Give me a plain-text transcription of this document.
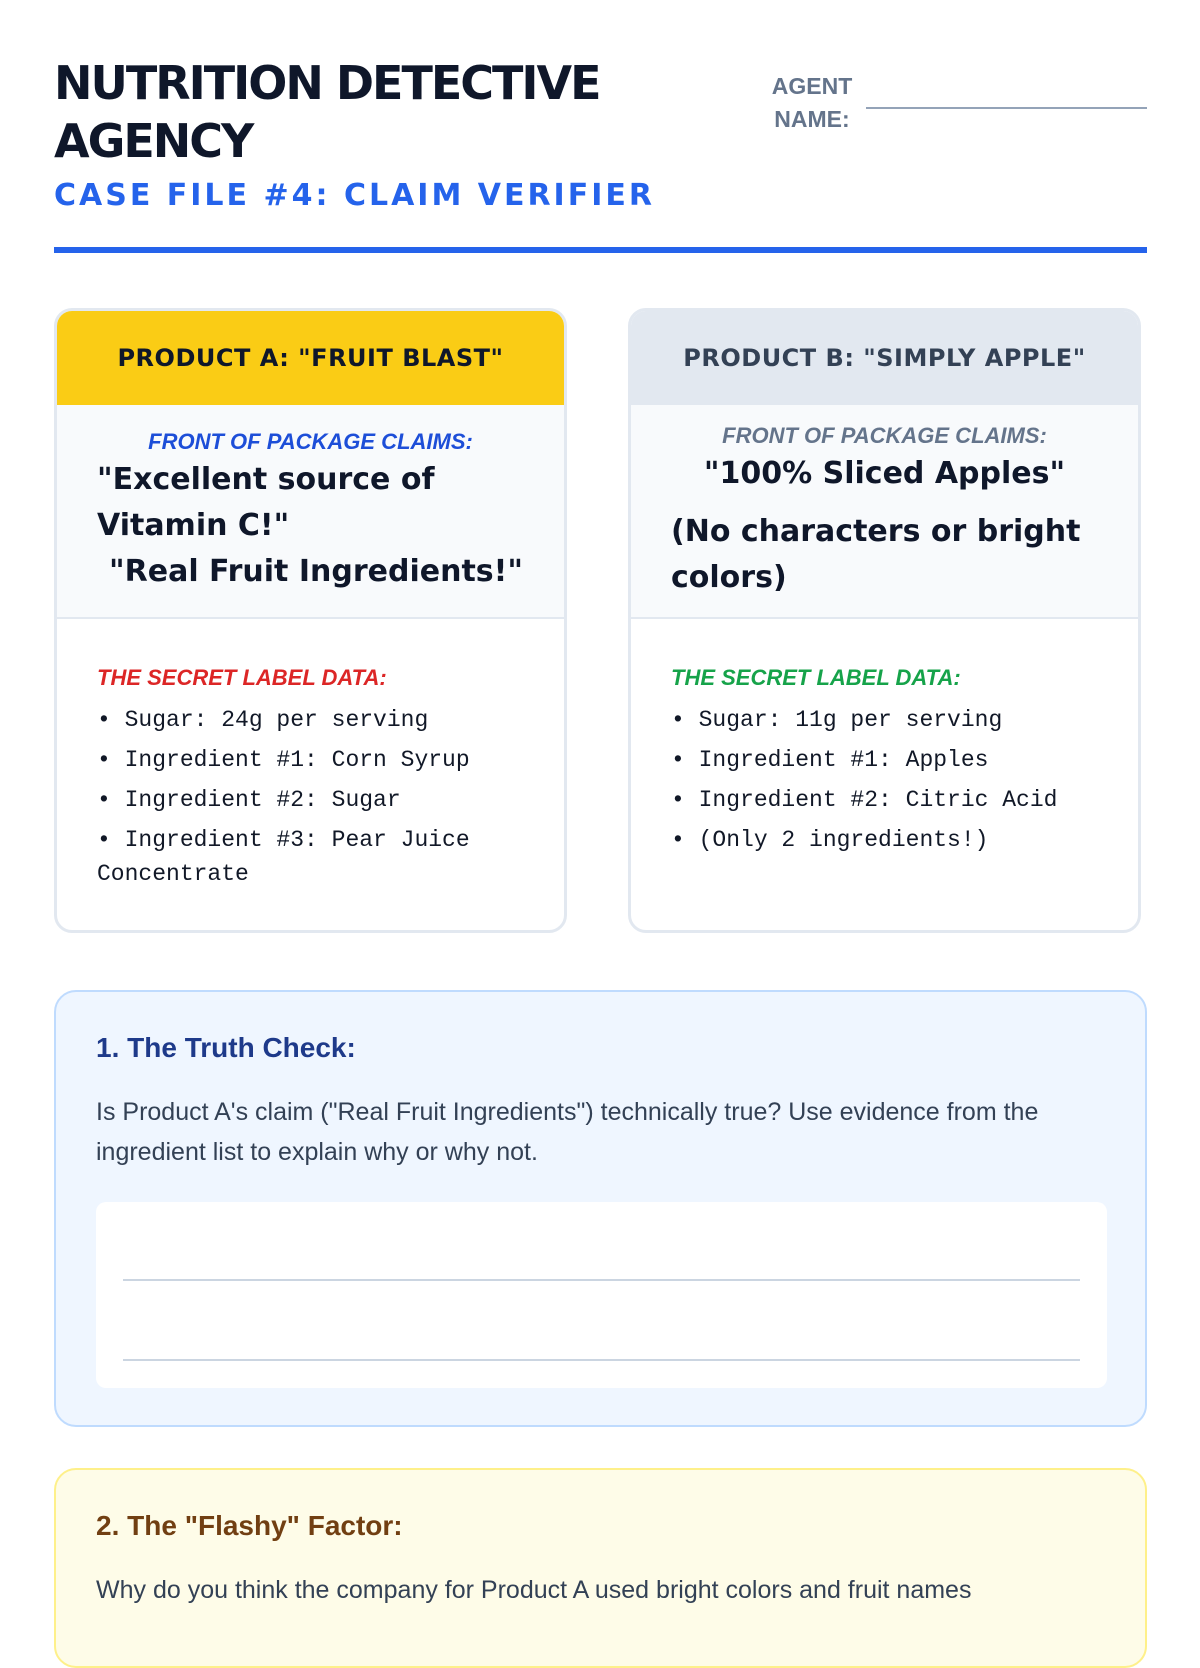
NUTRITION DETECTIVE AGENCY
CASE FILE #4: CLAIM VERIFIER
AGENT NAME:
PRODUCT A: "FRUIT BLAST"
FRONT OF PACKAGE CLAIMS:
"Excellent source of Vitamin C!"
"Real Fruit Ingredients!"
THE SECRET LABEL DATA:
• Sugar: 24g per serving
• Ingredient #1: Corn Syrup
• Ingredient #2: Sugar
• Ingredient #3: Pear Juice Concentrate
PRODUCT B: "SIMPLY APPLE"
FRONT OF PACKAGE CLAIMS:
"100% Sliced Apples"
(No characters or bright colors)
THE SECRET LABEL DATA:
• Sugar: 11g per serving
• Ingredient #1: Apples
• Ingredient #2: Citric Acid
• (Only 2 ingredients!)
1. The Truth Check:
Is Product A's claim ("Real Fruit Ingredients") technically true? Use evidence from the ingredient list to explain why or why not.
2. The "Flashy" Factor:
Why do you think the company for Product A used bright colors and fruit names
